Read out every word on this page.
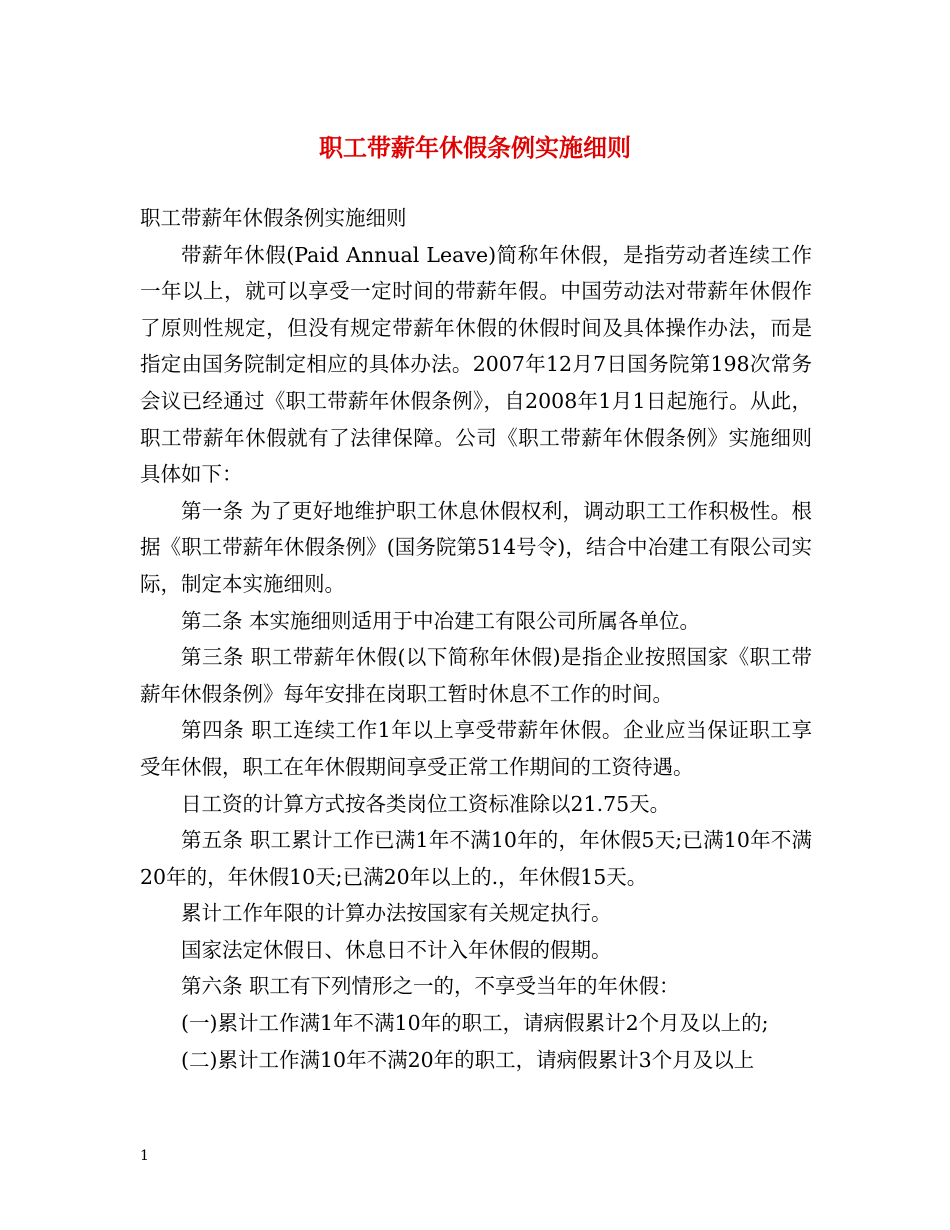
职工带薪年休假条例实施细则

职工带薪年休假条例实施细则

带薪年休假(Paid Annual Leave)简称年休假，是指劳动者连续工作一年以上，就可以享受一定时间的带薪年假。中国劳动法对带薪年休假作了原则性规定，但没有规定带薪年休假的休假时间及具体操作办法，而是指定由国务院制定相应的具体办法。2007年12月7日国务院第198次常务会议已经通过《职工带薪年休假条例》，自2008年1月1日起施行。从此，职工带薪年休假就有了法律保障。公司《职工带薪年休假条例》实施细则具体如下：

第一条 为了更好地维护职工休息休假权利，调动职工工作积极性。根据《职工带薪年休假条例》(国务院第514号令)，结合中冶建工有限公司实际，制定本实施细则。

第二条 本实施细则适用于中冶建工有限公司所属各单位。

第三条 职工带薪年休假(以下简称年休假)是指企业按照国家《职工带薪年休假条例》每年安排在岗职工暂时休息不工作的时间。

第四条 职工连续工作1年以上享受带薪年休假。企业应当保证职工享受年休假，职工在年休假期间享受正常工作期间的工资待遇。

日工资的计算方式按各类岗位工资标准除以21.75天。

第五条 职工累计工作已满1年不满10年的，年休假5天;已满10年不满20年的，年休假10天;已满20年以上的.，年休假15天。

累计工作年限的计算办法按国家有关规定执行。

国家法定休假日、休息日不计入年休假的假期。

第六条 职工有下列情形之一的，不享受当年的年休假：

(一)累计工作满1年不满10年的职工，请病假累计2个月及以上的;

(二)累计工作满10年不满20年的职工，请病假累计3个月及以上

1
